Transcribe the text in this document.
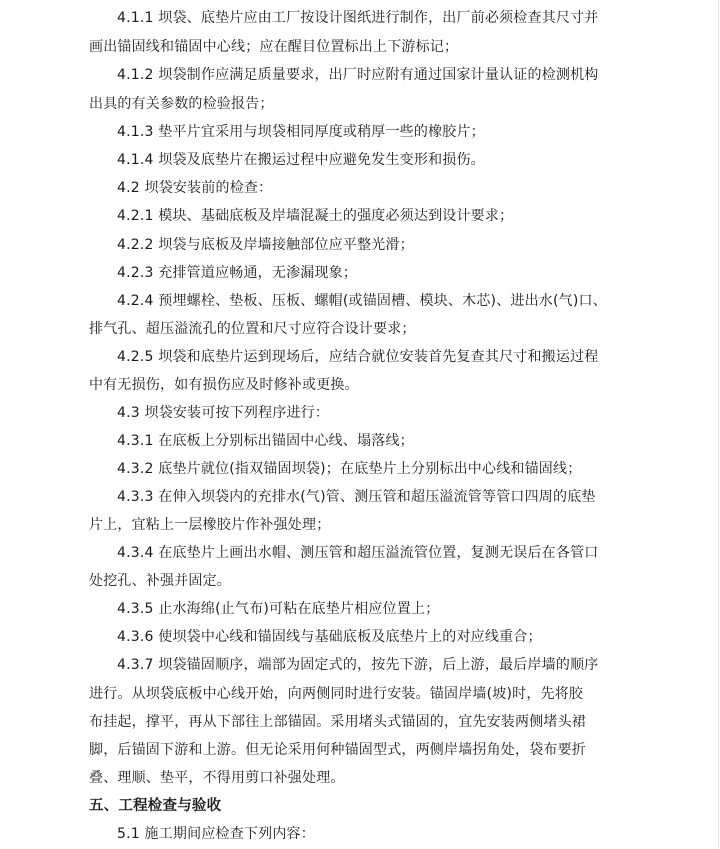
4.1.1 坝袋、底垫片应由工厂按设计图纸进行制作，出厂前必须检查其尺寸并
画出锚固线和锚固中心线；应在醒目位置标出上下游标记；
4.1.2 坝袋制作应满足质量要求，出厂时应附有通过国家计量认证的检测机构
出具的有关参数的检验报告；
4.1.3 垫平片宜采用与坝袋相同厚度或稍厚一些的橡胶片；
4.1.4 坝袋及底垫片在搬运过程中应避免发生变形和损伤。
4.2 坝袋安装前的检查：
4.2.1 模块、基础底板及岸墙混凝土的强度必须达到设计要求；
4.2.2 坝袋与底板及岸墙接触部位应平整光滑；
4.2.3 充排管道应畅通，无渗漏现象；
4.2.4 预埋螺栓、垫板、压板、螺帽(或锚固槽、模块、木芯)、进出水(气)口、
排气孔、超压溢流孔的位置和尺寸应符合设计要求；
4.2.5 坝袋和底垫片运到现场后，应结合就位安装首先复查其尺寸和搬运过程
中有无损伤，如有损伤应及时修补或更换。
4.3 坝袋安装可按下列程序进行：
4.3.1 在底板上分别标出锚固中心线、塌落线；
4.3.2 底垫片就位(指双锚固坝袋)；在底垫片上分别标出中心线和锚固线；
4.3.3 在伸入坝袋内的充排水(气)管、测压管和超压溢流管等管口四周的底垫
片上，宜粘上一层橡胶片作补强处理；
4.3.4 在底垫片上画出水帽、测压管和超压溢流管位置，复测无误后在各管口
处挖孔、补强并固定。
4.3.5 止水海绵(止气布)可粘在底垫片相应位置上；
4.3.6 使坝袋中心线和锚固线与基础底板及底垫片上的对应线重合；
4.3.7 坝袋锚固顺序，端部为固定式的，按先下游，后上游，最后岸墙的顺序
进行。从坝袋底板中心线开始，向两侧同时进行安装。锚固岸墙(坡)时，先将胶
布挂起，撑平，再从下部往上部锚固。采用堵头式锚固的，宜先安装两侧堵头裙
脚，后锚固下游和上游。但无论采用何种锚固型式，两侧岸墙拐角处，袋布要折
叠、理顺、垫平，不得用剪口补强处理。
五、工程检查与验收
5.1 施工期间应检查下列内容：
